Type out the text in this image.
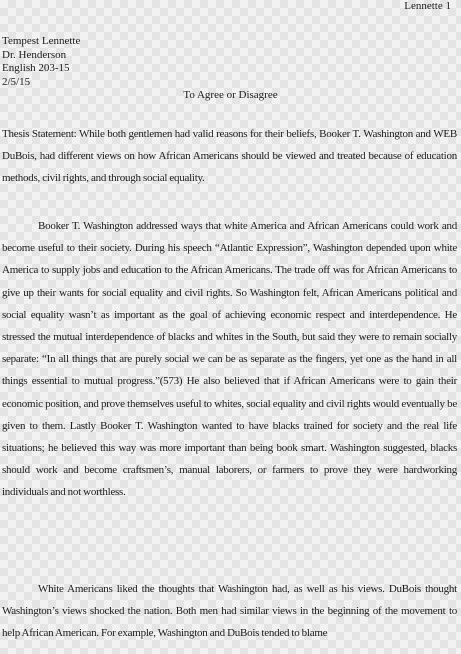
Lennette 1
Tempest Lennette
Dr. Henderson
English 203-15
2/5/15
To Agree or Disagree

Thesis Statement: While both gentlemen had valid reasons for their beliefs, Booker T. Washington and WEB DuBois, had different views on how African Americans should be viewed and treated because of education methods, civil rights, and through social equality.

Booker T. Washington addressed ways that white America and African Americans could work and become useful to their society. During his speech “Atlantic Expression”, Washington depended upon white America to supply jobs and education to the African Americans. The trade off was for African Americans to give up their wants for social equality and civil rights. So Washington felt, African Americans political and social equality wasn’t as important as the goal of achieving economic respect and interdependence. He stressed the mutual interdependence of blacks and whites in the South, but said they were to remain socially separate: “In all things that are purely social we can be as separate as the fingers, yet one as the hand in all things essential to mutual progress.”(573) He also believed that if African Americans were to gain their economic position, and prove themselves useful to whites, social equality and civil rights would eventually be given to them. Lastly Booker T. Washington wanted to have blacks trained for society and the real life situations; he believed this way was more important than being book smart. Washington suggested, blacks should work and become craftsmen’s, manual laborers, or farmers to prove they were hardworking individuals and not worthless.

White Americans liked the thoughts that Washington had, as well as his views. DuBois thought Washington’s views shocked the nation. Both men had similar views in the beginning of the movement to help African American. For example, Washington and DuBois tended to blame
